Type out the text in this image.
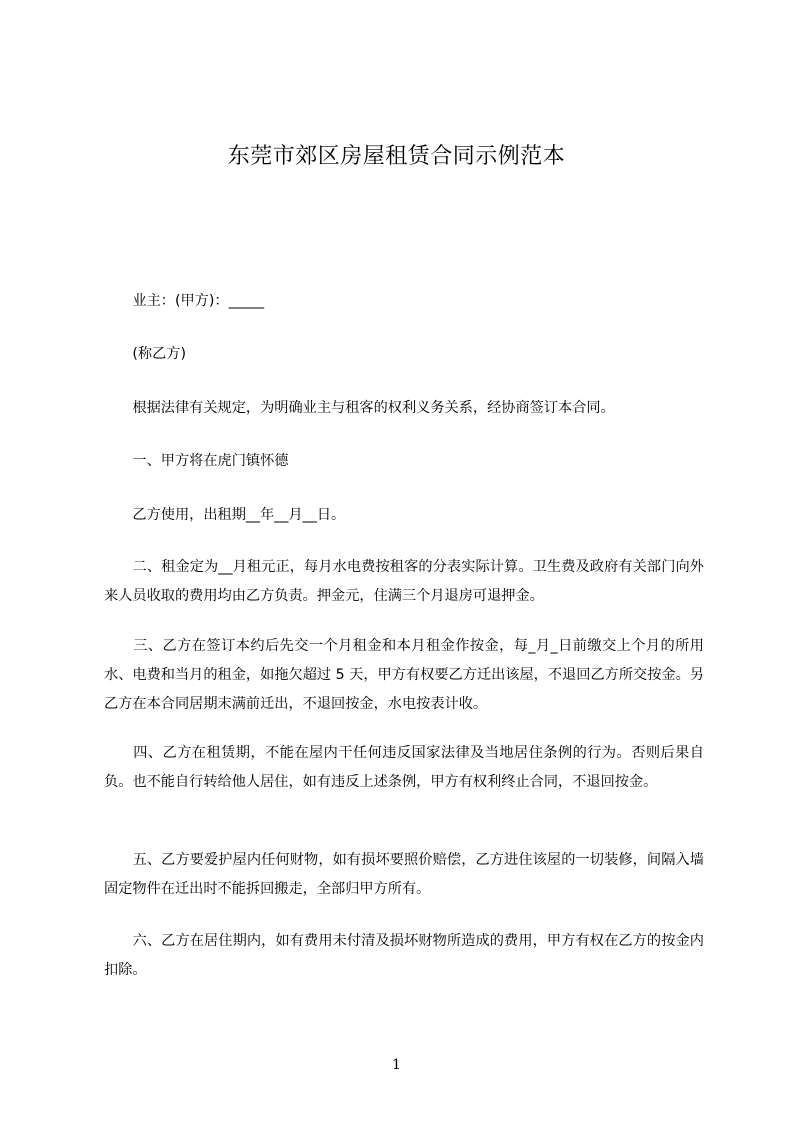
东莞市郊区房屋租赁合同示例范本

　　业主：(甲方)：_____

　　(称乙方)

　　根据法律有关规定，为明确业主与租客的权利义务关系，经协商签订本合同。

　　一、甲方将在虎门镇怀德

　　乙方使用，出租期__年__月__日。

　　二、租金定为__月租元正，每月水电费按租客的分表实际计算。卫生费及政府有关部门向外来人员收取的费用均由乙方负责。押金元，住满三个月退房可退押金。

　　三、乙方在签订本约后先交一个月租金和本月租金作按金，每_月_日前缴交上个月的所用水、电费和当月的租金，如拖欠超过 5 天，甲方有权要乙方迁出该屋，不退回乙方所交按金。另乙方在本合同居期末满前迁出，不退回按金，水电按表计收。

　　四、乙方在租赁期，不能在屋内干任何违反国家法律及当地居住条例的行为。否则后果自负。也不能自行转给他人居住，如有违反上述条例，甲方有权利终止合同，不退回按金。

　　五、乙方要爱护屋内任何财物，如有损坏要照价赔偿，乙方进住该屋的一切装修，间隔入墙固定物件在迁出时不能拆回搬走，全部归甲方所有。

　　六、乙方在居住期内，如有费用未付清及损坏财物所造成的费用，甲方有权在乙方的按金内扣除。

1
